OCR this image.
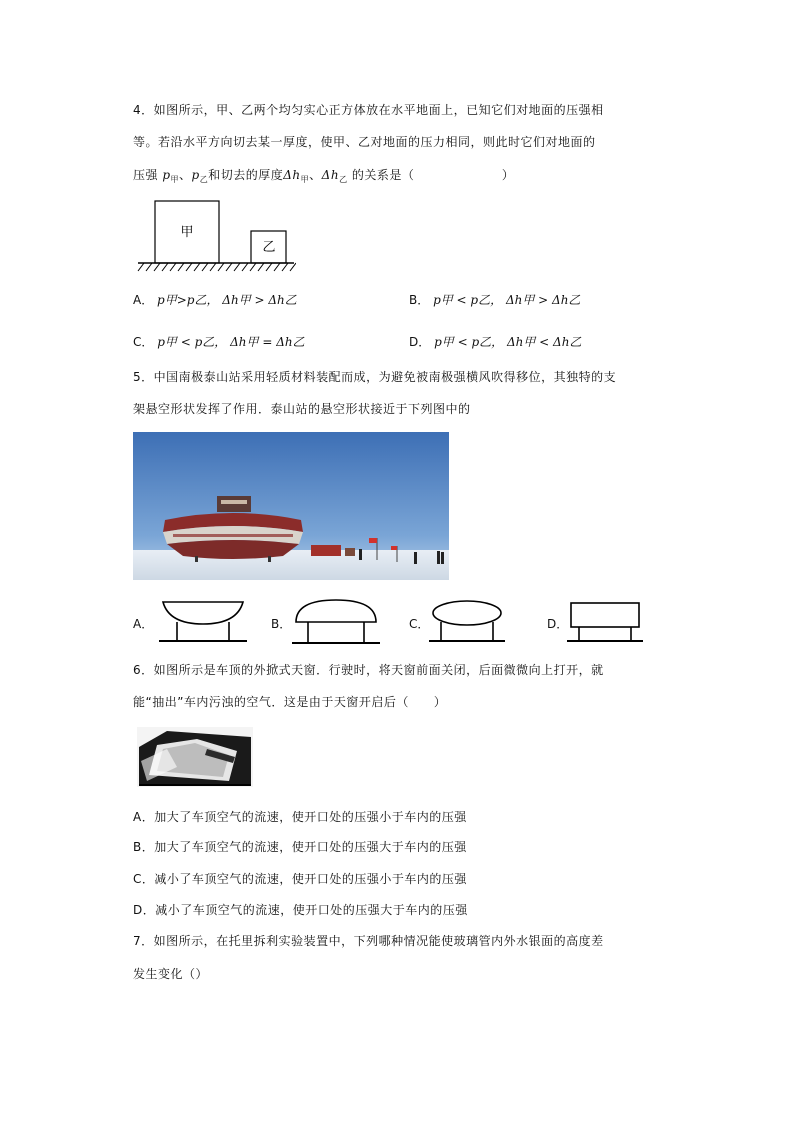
4．如图所示，甲、乙两个均匀实心正方体放在水平地面上，已知它们对地面的压强相
等。若沿水平方向切去某一厚度，使甲、乙对地面的压力相同，则此时它们对地面的
压强 $p_甲$、$p_乙$和切去的厚度$\Delta h_甲$、$\Delta h_乙$ 的关系是（　　　　　　　）
甲
乙
A． p甲>p乙， Δh甲 > Δh乙	B． p甲 < p乙， Δh甲 > Δh乙
C． p甲 < p乙， Δh甲 = Δh乙	D． p甲 < p乙， Δh甲 < Δh乙
5．中国南极泰山站采用轻质材料装配而成，为避免被南极强横风吹得移位，其独特的支
架悬空形状发挥了作用．泰山站的悬空形状接近于下列图中的
A．	B．	C．	D．
6．如图所示是车顶的外掀式天窗．行驶时，将天窗前面关闭，后面微微向上打开，就
能“抽出”车内污浊的空气．这是由于天窗开启后（　　）
A．加大了车顶空气的流速，使开口处的压强小于车内的压强
B．加大了车顶空气的流速，使开口处的压强大于车内的压强
C．减小了车顶空气的流速，使开口处的压强小于车内的压强
D．减小了车顶空气的流速，使开口处的压强大于车内的压强
7．如图所示，在托里拆利实验装置中，下列哪种情况能使玻璃管内外水银面的高度差
发生变化（）
